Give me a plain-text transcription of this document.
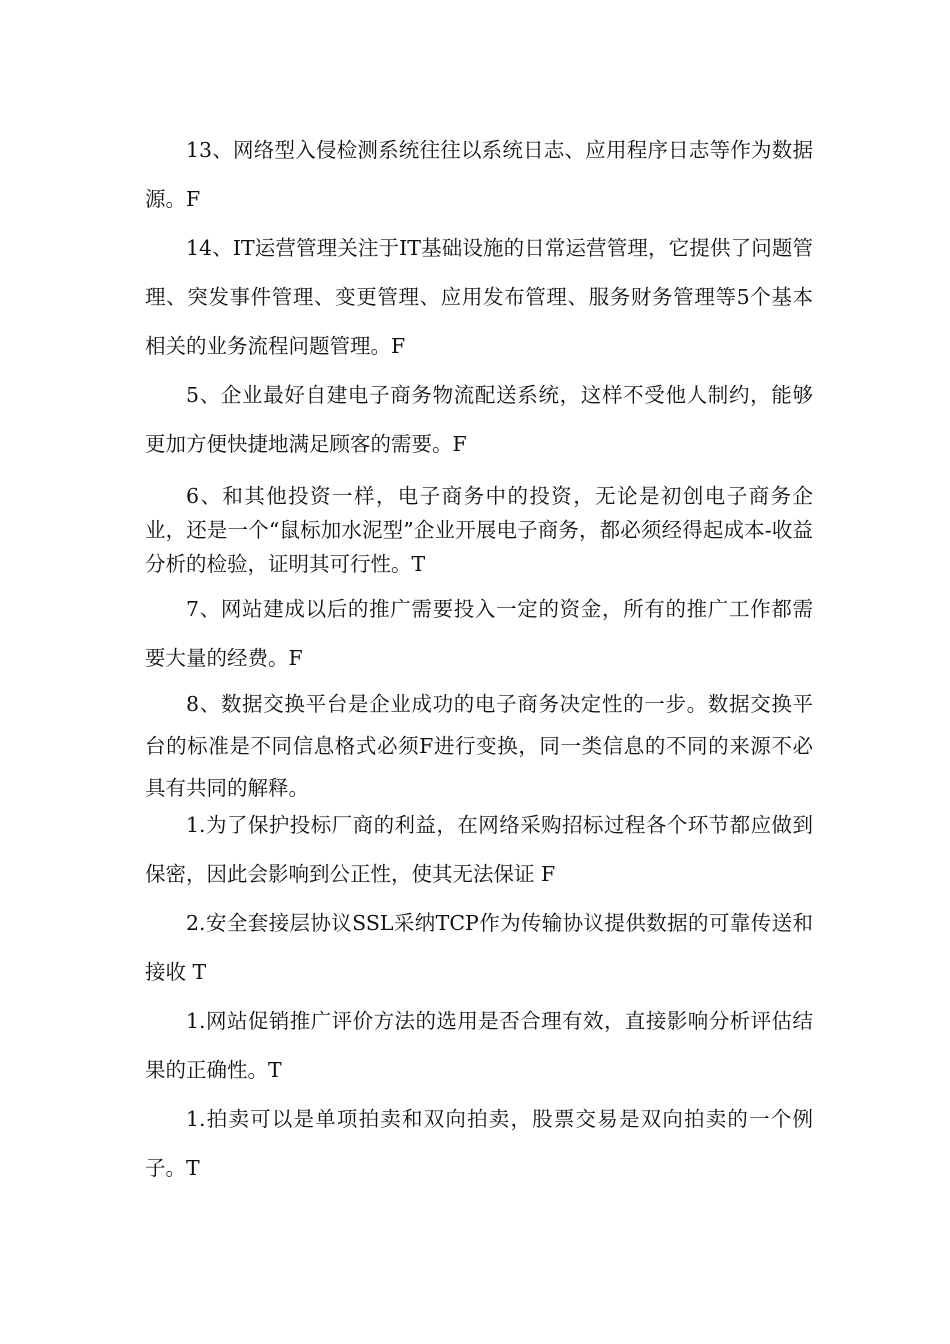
13、网络型入侵检测系统往往以系统日志、应用程序日志等作为数据源。F

14、IT运营管理关注于IT基础设施的日常运营管理，它提供了问题管理、突发事件管理、变更管理、应用发布管理、服务财务管理等5个基本相关的业务流程问题管理。F

5、企业最好自建电子商务物流配送系统，这样不受他人制约，能够更加方便快捷地满足顾客的需要。F

6、和其他投资一样，电子商务中的投资，无论是初创电子商务企业，还是一个“鼠标加水泥型”企业开展电子商务，都必须经得起成本-收益分析的检验，证明其可行性。T

7、网站建成以后的推广需要投入一定的资金，所有的推广工作都需要大量的经费。F

8、数据交换平台是企业成功的电子商务决定性的一步。数据交换平台的标准是不同信息格式必须F进行变换，同一类信息的不同的来源不必具有共同的解释。

1.为了保护投标厂商的利益，在网络采购招标过程各个环节都应做到保密，因此会影响到公正性，使其无法保证 F

2.安全套接层协议SSL采纳TCP作为传输协议提供数据的可靠传送和接收 T

1.网站促销推广评价方法的选用是否合理有效，直接影响分析评估结果的正确性。T

1.拍卖可以是单项拍卖和双向拍卖，股票交易是双向拍卖的一个例子。T
